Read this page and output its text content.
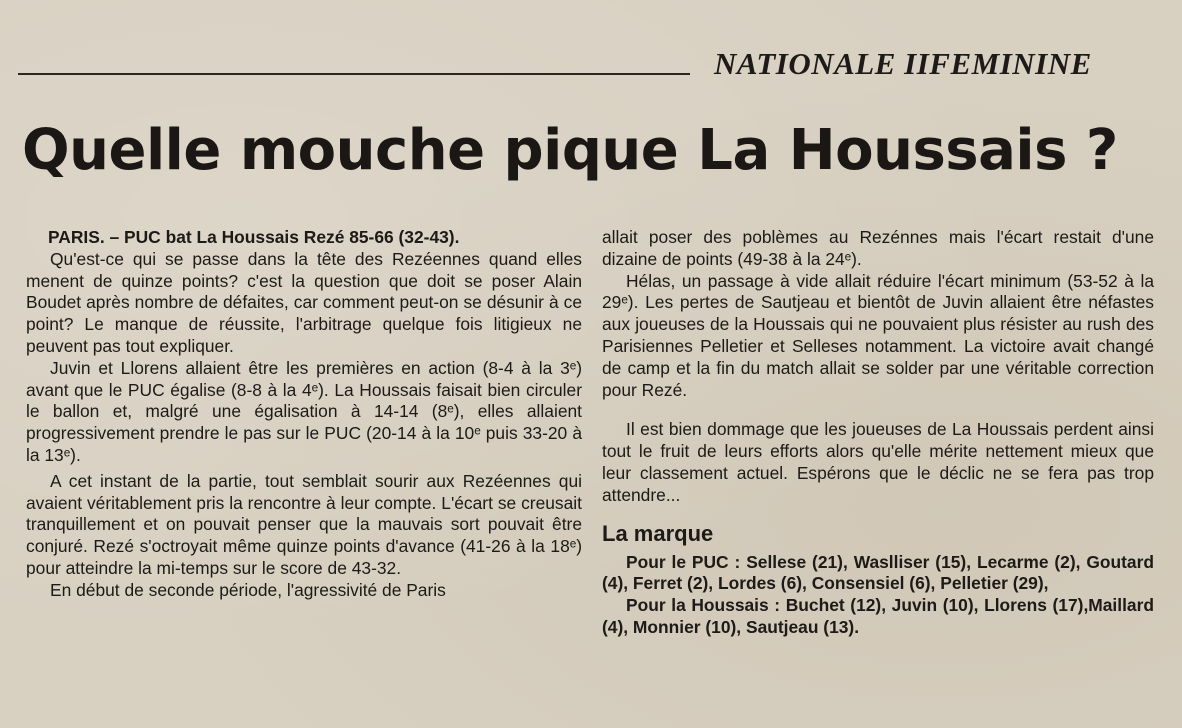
NATIONALE IIFEMININE
Quelle mouche pique La Houssais ?

PARIS. – PUC bat La Houssais Rezé 85-66 (32-43).

Qu'est-ce qui se passe dans la tête des Rezéennes quand elles menent de quinze points? c'est la question que doit se poser Alain Boudet après nombre de défaites, car comment peut-on se désunir à ce point? Le manque de réussite, l'arbitrage quelque fois litigieux ne peuvent pas tout expliquer.

Juvin et Llorens allaient être les premières en action (8-4 à la 3ᵉ) avant que le PUC égalise (8-8 à la 4ᵉ). La Houssais faisait bien circuler le ballon et, malgré une égalisation à 14-14 (8ᵉ), elles allaient progressivement prendre le pas sur le PUC (20-14 à la 10ᵉ puis 33-20 à la 13ᵉ).

A cet instant de la partie, tout semblait sourir aux Rezéennes qui avaient véritablement pris la rencontre à leur compte. L'écart se creusait tranquillement et on pouvait penser que la mauvais sort pouvait être conjuré. Rezé s'octroyait même quinze points d'avance (41-26 à la 18ᵉ) pour atteindre la mi-temps sur le score de 43-32.

En début de seconde période, l'agressivité de Paris

allait poser des poblèmes au Rezénnes mais l'écart restait d'une dizaine de points (49-38 à la 24ᵉ).

Hélas, un passage à vide allait réduire l'écart minimum (53-52 à la 29ᵉ). Les pertes de Sautjeau et bientôt de Juvin allaient être néfastes aux joueuses de la Houssais qui ne pouvaient plus résister au rush des Parisiennes Pelletier et Selleses notamment. La victoire avait changé de camp et la fin du match allait se solder par une véritable correction pour Rezé.

Il est bien dommage que les joueuses de La Houssais perdent ainsi tout le fruit de leurs efforts alors qu'elle mérite nettement mieux que leur classement actuel. Espérons que le déclic ne se fera pas trop attendre...

La marque

Pour le PUC : Sellese (21), Waslliser (15), Lecarme (2), Goutard (4), Ferret (2), Lordes (6), Consensiel (6), Pelletier (29),

Pour la Houssais : Buchet (12), Juvin (10), Llorens (17),Maillard (4), Monnier (10), Sautjeau (13).
